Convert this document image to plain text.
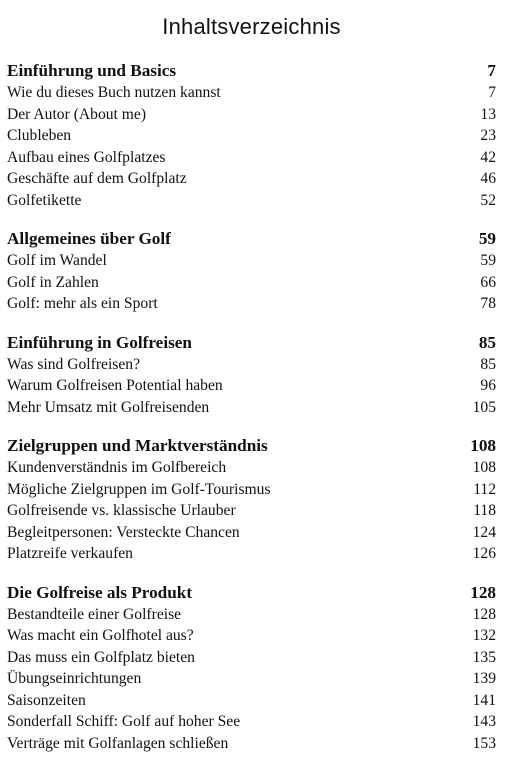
Inhaltsverzeichnis
Einführung und Basics	7
Wie du dieses Buch nutzen kannst	7
Der Autor (About me)	13
Clubleben	23
Aufbau eines Golfplatzes	42
Geschäfte auf dem Golfplatz	46
Golfetikette	52
Allgemeines über Golf	59
Golf im Wandel	59
Golf in Zahlen	66
Golf: mehr als ein Sport	78
Einführung in Golfreisen	85
Was sind Golfreisen?	85
Warum Golfreisen Potential haben	96
Mehr Umsatz mit Golfreisenden	105
Zielgruppen und Marktverständnis	108
Kundenverständnis im Golfbereich	108
Mögliche Zielgruppen im Golf-Tourismus	112
Golfreisende vs. klassische Urlauber	118
Begleitpersonen: Versteckte Chancen	124
Platzreife verkaufen	126
Die Golfreise als Produkt	128
Bestandteile einer Golfreise	128
Was macht ein Golfhotel aus?	132
Das muss ein Golfplatz bieten	135
Übungseinrichtungen	139
Saisonzeiten	141
Sonderfall Schiff: Golf auf hoher See	143
Verträge mit Golfanlagen schließen	153
